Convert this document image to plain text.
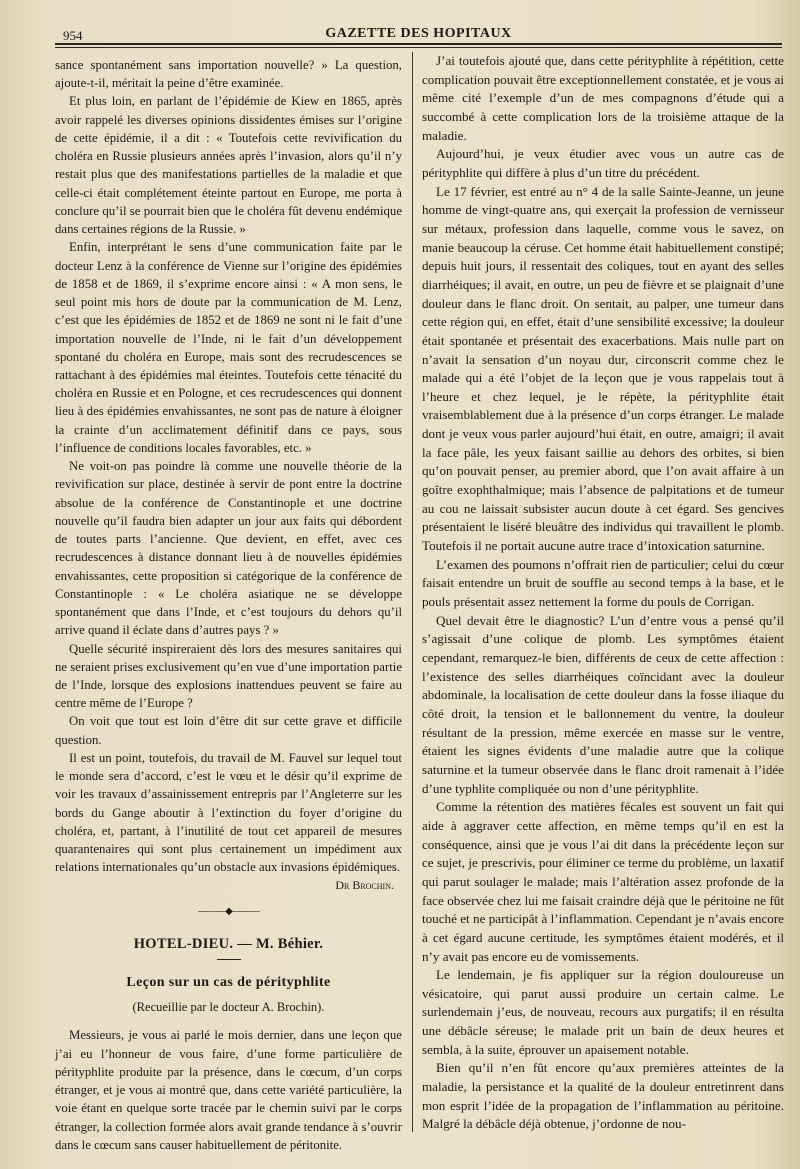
954	GAZETTE DES HOPITAUX

sance spontanément sans importation nouvelle? » La question, ajoute-t-il, méritait la peine d’être examinée.

Et plus loin, en parlant de l’épidémie de Kiew en 1865, après avoir rappelé les diverses opinions dissidentes émises sur l’origine de cette épidémie, il a dit : « Toutefois cette revivification du choléra en Russie plusieurs années après l’invasion, alors qu’il n’y restait plus que des manifestations partielles de la maladie et que celle-ci était complétement éteinte partout en Europe, me porta à conclure qu’il se pourrait bien que le choléra fût devenu endémique dans certaines régions de la Russie. »

Enfin, interprétant le sens d’une communication faite par le docteur Lenz à la conférence de Vienne sur l’origine des épidémies de 1858 et de 1869, il s’exprime encore ainsi : « A mon sens, le seul point mis hors de doute par la communication de M. Lenz, c’est que les épidémies de 1852 et de 1869 ne sont ni le fait d’une importation nouvelle de l’Inde, ni le fait d’un développement spontané du choléra en Europe, mais sont des recrudescences se rattachant à des épidémies mal éteintes. Toutefois cette ténacité du choléra en Russie et en Pologne, et ces recrudescences qui donnent lieu à des épidémies envahissantes, ne sont pas de nature à éloigner la crainte d’un acclimatement définitif dans ce pays, sous l’influence de conditions locales favorables, etc. »

Ne voit-on pas poindre là comme une nouvelle théorie de la revivification sur place, destinée à servir de pont entre la doctrine absolue de la conférence de Constantinople et une doctrine nouvelle qu’il faudra bien adapter un jour aux faits qui débordent de toutes parts l’ancienne. Que devient, en effet, avec ces recrudescences à distance donnant lieu à de nouvelles épidémies envahissantes, cette proposition si catégorique de la conférence de Constantinople : « Le choléra asiatique ne se développe spontanément que dans l’Inde, et c’est toujours du dehors qu’il arrive quand il éclate dans d’autres pays ? »

Quelle sécurité inspireraient dès lors des mesures sanitaires qui ne seraient prises exclusivement qu’en vue d’une importation partie de l’Inde, lorsque des explosions inattendues peuvent se faire au centre même de l’Europe ?

On voit que tout est loin d’être dit sur cette grave et difficile question.

Il est un point, toutefois, du travail de M. Fauvel sur lequel tout le monde sera d’accord, c’est le vœu et le désir qu’il exprime de voir les travaux d’assainissement entrepris par l’Angleterre sur les bords du Gange aboutir à l’extinction du foyer d’origine du choléra, et, partant, à l’inutilité de tout cet appareil de mesures quarantenaires qui sont plus certainement un impédiment aux relations internationales qu’un obstacle aux invasions épidémiques.

Dr Brochin.
———◆———
HOTEL-DIEU. — M. Béhier.
Leçon sur un cas de pérityphlite
(Recueillie par le docteur A. Brochin).

Messieurs, je vous ai parlé le mois dernier, dans une leçon que j’ai eu l’honneur de vous faire, d’une forme particulière de pérityphlite produite par la présence, dans le cœcum, d’un corps étranger, et je vous ai montré que, dans cette variété particulière, la voie étant en quelque sorte tracée par le chemin suivi par le corps étranger, la collection formée alors avait grande tendance à s’ouvrir dans le cœcum sans causer habituellement de péritonite.

J’ai toutefois ajouté que, dans cette pérityphlite à répétition, cette complication pouvait être exceptionnellement constatée, et je vous ai même cité l’exemple d’un de mes compagnons d’étude qui a succombé à cette complication lors de la troisième attaque de la maladie.

Aujourd’hui, je veux étudier avec vous un autre cas de pérityphlite qui diffère à plus d’un titre du précédent.

Le 17 février, est entré au n° 4 de la salle Sainte-Jeanne, un jeune homme de vingt-quatre ans, qui exerçait la profession de vernisseur sur métaux, profession dans laquelle, comme vous le savez, on manie beaucoup la céruse. Cet homme était habituellement constipé; depuis huit jours, il ressentait des coliques, tout en ayant des selles diarrhéiques; il avait, en outre, un peu de fièvre et se plaignait d’une douleur dans le flanc droit. On sentait, au palper, une tumeur dans cette région qui, en effet, était d’une sensibilité excessive; la douleur était spontanée et présentait des exacerbations. Mais nulle part on n’avait la sensation d’un noyau dur, circonscrit comme chez le malade qui a été l’objet de la leçon que je vous rappelais tout à l’heure et chez lequel, je le répète, la pérityphlite était vraisemblablement due à la présence d’un corps étranger. Le malade dont je veux vous parler aujourd’hui était, en outre, amaigri; il avait la face pâle, les yeux faisant saillie au dehors des orbites, si bien qu’on pouvait penser, au premier abord, que l’on avait affaire à un goître exophthalmique; mais l’absence de palpitations et de tumeur au cou ne laissait subsister aucun doute à cet égard. Ses gencives présentaient le liséré bleuâtre des individus qui travaillent le plomb. Toutefois il ne portait aucune autre trace d’intoxication saturnine.

L’examen des poumons n’offrait rien de particulier; celui du cœur faisait entendre un bruit de souffle au second temps à la base, et le pouls présentait assez nettement la forme du pouls de Corrigan.

Quel devait être le diagnostic? L’un d’entre vous a pensé qu’il s’agissait d’une colique de plomb. Les symptômes étaient cependant, remarquez-le bien, différents de ceux de cette affection : l’existence des selles diarrhéiques coïncidant avec la douleur abdominale, la localisation de cette douleur dans la fosse iliaque du côté droit, la tension et le ballonnement du ventre, la douleur résultant de la pression, même exercée en masse sur le ventre, étaient les signes évidents d’une maladie autre que la colique saturnine et la tumeur observée dans le flanc droit ramenait à l’idée d’une typhlite compliquée ou non d’une pérityphlite.

Comme la rétention des matières fécales est souvent un fait qui aide à aggraver cette affection, en même temps qu’il en est la conséquence, ainsi que je vous l’ai dit dans la précédente leçon sur ce sujet, je prescrivis, pour éliminer ce terme du problème, un laxatif qui parut soulager le malade; mais l’altération assez profonde de la face observée chez lui me faisait craindre déjà que le péritoine ne fût touché et ne participât à l’inflammation. Cependant je n’avais encore à cet égard aucune certitude, les symptômes étaient modérés, et il n’y avait pas encore eu de vomissements.

Le lendemain, je fis appliquer sur la région douloureuse un vésicatoire, qui parut aussi produire un certain calme. Le surlendemain j’eus, de nouveau, recours aux purgatifs; il en résulta une débâcle séreuse; le malade prit un bain de deux heures et sembla, à la suite, éprouver un apaisement notable.

Bien qu’il n’en fût encore qu’aux premières atteintes de la maladie, la persistance et la qualité de la douleur entretinrent dans mon esprit l’idée de la propagation de l’inflammation au péritoine. Malgré la débâcle déjà obtenue, j’ordonne de nou-
